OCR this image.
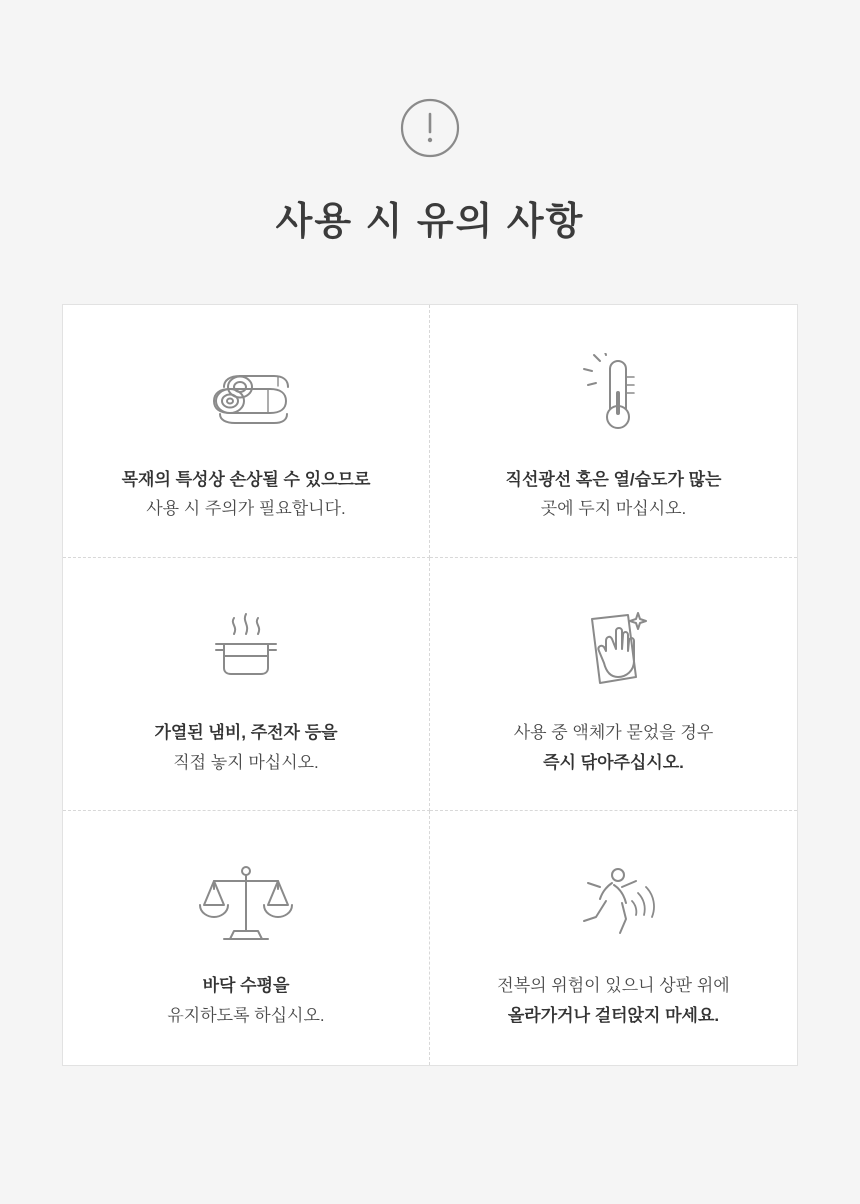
사용 시 유의 사항
목재의 특성상 손상될 수 있으므로
사용 시 주의가 필요합니다.
직선광선 혹은 열/습도가 많는
곳에 두지 마십시오.
가열된 냄비, 주전자 등을
직접 놓지 마십시오.
사용 중 액체가 묻었을 경우
즉시 닦아주십시오.
바닥 수평을
유지하도록 하십시오.
전복의 위험이 있으니 상판 위에
올라가거나 걸터앉지 마세요.
